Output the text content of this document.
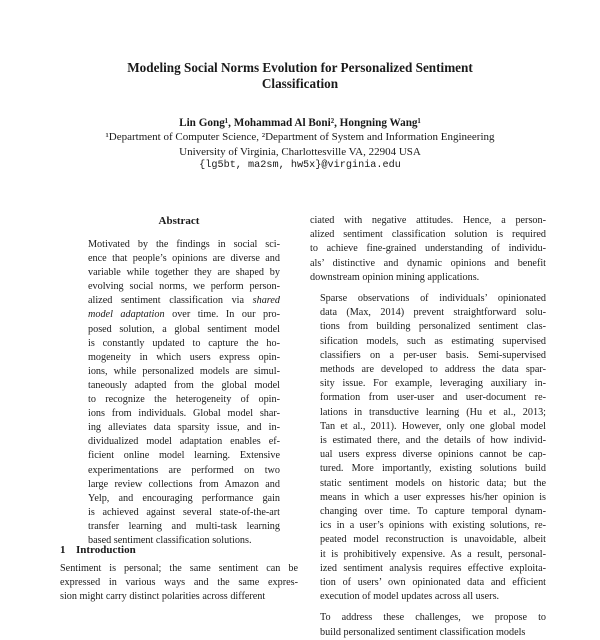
Modeling Social Norms Evolution for Personalized Sentiment
Classification
Lin Gong¹, Mohammad Al Boni², Hongning Wang¹
¹Department of Computer Science, ²Department of System and Information Engineering
University of Virginia, Charlottesville VA, 22904 USA
{lg5bt, ma2sm, hw5x}@virginia.edu
Abstract
Motivated by the findings in social sci-
ence that people’s opinions are diverse and
variable while together they are shaped by
evolving social norms, we perform person-
alized sentiment classification via shared
model adaptation over time. In our pro-
posed solution, a global sentiment model
is constantly updated to capture the ho-
mogeneity in which users express opin-
ions, while personalized models are simul-
taneously adapted from the global model
to recognize the heterogeneity of opin-
ions from individuals. Global model shar-
ing alleviates data sparsity issue, and in-
dividualized model adaptation enables ef-
ficient online model learning. Extensive
experimentations are performed on two
large review collections from Amazon and
Yelp, and encouraging performance gain
is achieved against several state-of-the-art
transfer learning and multi-task learning
based sentiment classification solutions.
1 Introduction
Sentiment is personal; the same sentiment can be
expressed in various ways and the same expres-
sion might carry distinct polarities across different

ciated with negative attitudes. Hence, a person-
alized sentiment classification solution is required
to achieve fine-grained understanding of individu-
als’ distinctive and dynamic opinions and benefit
downstream opinion mining applications.

Sparse observations of individuals’ opinionated
data (Max, 2014) prevent straightforward solu-
tions from building personalized sentiment clas-
sification models, such as estimating supervised
classifiers on a per-user basis. Semi-supervised
methods are developed to address the data spar-
sity issue. For example, leveraging auxiliary in-
formation from user-user and user-document re-
lations in transductive learning (Hu et al., 2013;
Tan et al., 2011). However, only one global model
is estimated there, and the details of how individ-
ual users express diverse opinions cannot be cap-
tured. More importantly, existing solutions build
static sentiment models on historic data; but the
means in which a user expresses his/her opinion is
changing over time. To capture temporal dynam-
ics in a user’s opinions with existing solutions, re-
peated model reconstruction is unavoidable, albeit
it is prohibitively expensive. As a result, personal-
ized sentiment analysis requires effective exploita-
tion of users’ own opinionated data and efficient
execution of model updates across all users.

To address these challenges, we propose to
build personalized sentiment classification models
